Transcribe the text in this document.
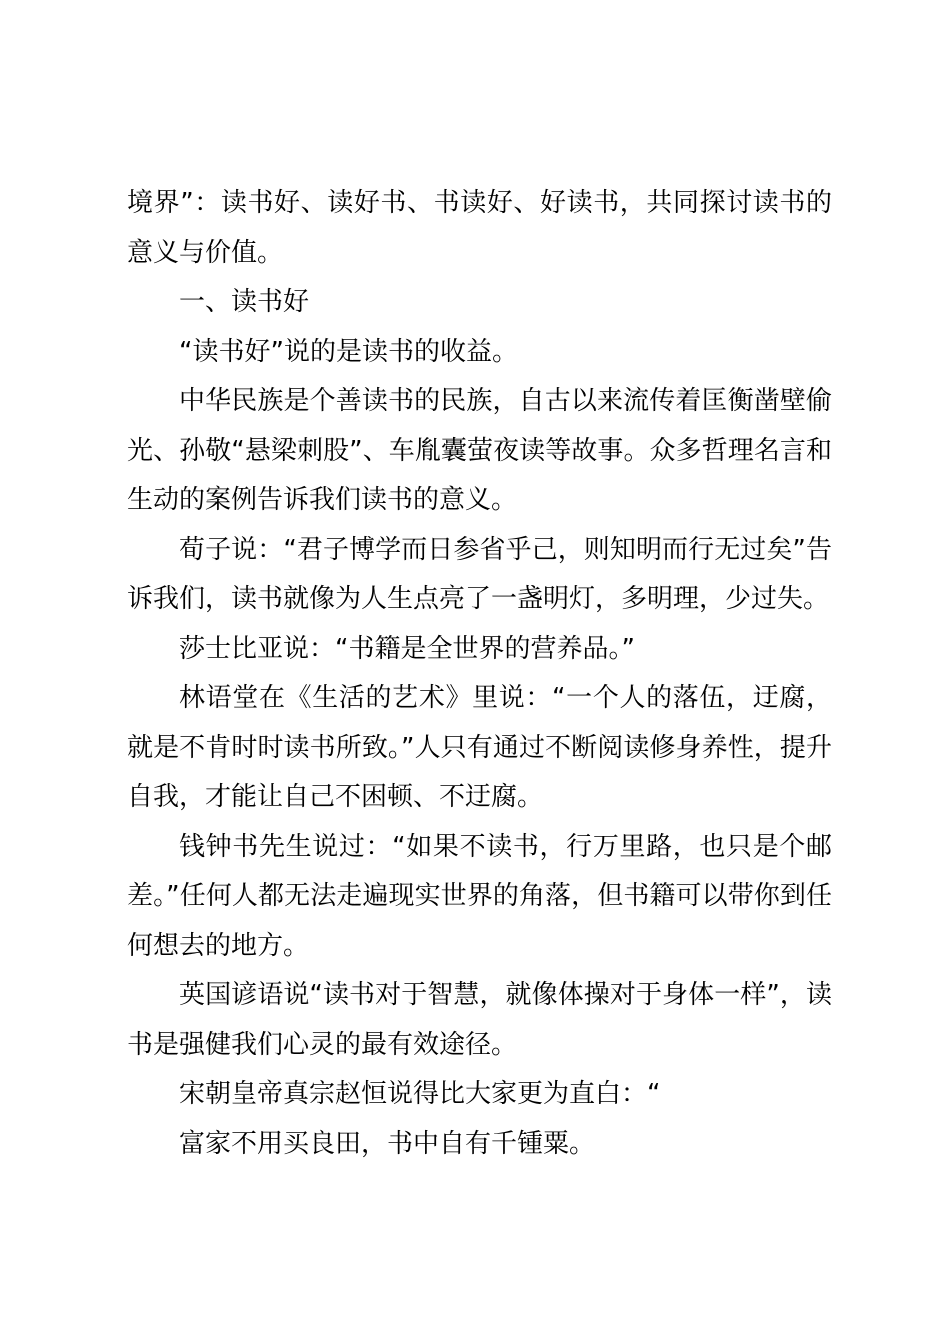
境界”：读书好、读好书、书读好、好读书，共同探讨读书的意义与价值。

一、读书好

“读书好”说的是读书的收益。

中华民族是个善读书的民族，自古以来流传着匡衡凿壁偷光、孙敬“悬梁刺股”、车胤囊萤夜读等故事。众多哲理名言和生动的案例告诉我们读书的意义。

荀子说：“君子博学而日参省乎己，则知明而行无过矣”告诉我们，读书就像为人生点亮了一盏明灯，多明理，少过失。

莎士比亚说：“书籍是全世界的营养品。”

林语堂在《生活的艺术》里说：“一个人的落伍，迂腐，就是不肯时时读书所致。”人只有通过不断阅读修身养性，提升自我，才能让自己不困顿、不迂腐。

钱钟书先生说过：“如果不读书，行万里路，也只是个邮差。”任何人都无法走遍现实世界的角落，但书籍可以带你到任何想去的地方。

英国谚语说“读书对于智慧，就像体操对于身体一样”，读书是强健我们心灵的最有效途径。

宋朝皇帝真宗赵恒说得比大家更为直白：“

富家不用买良田，书中自有千锺粟。
